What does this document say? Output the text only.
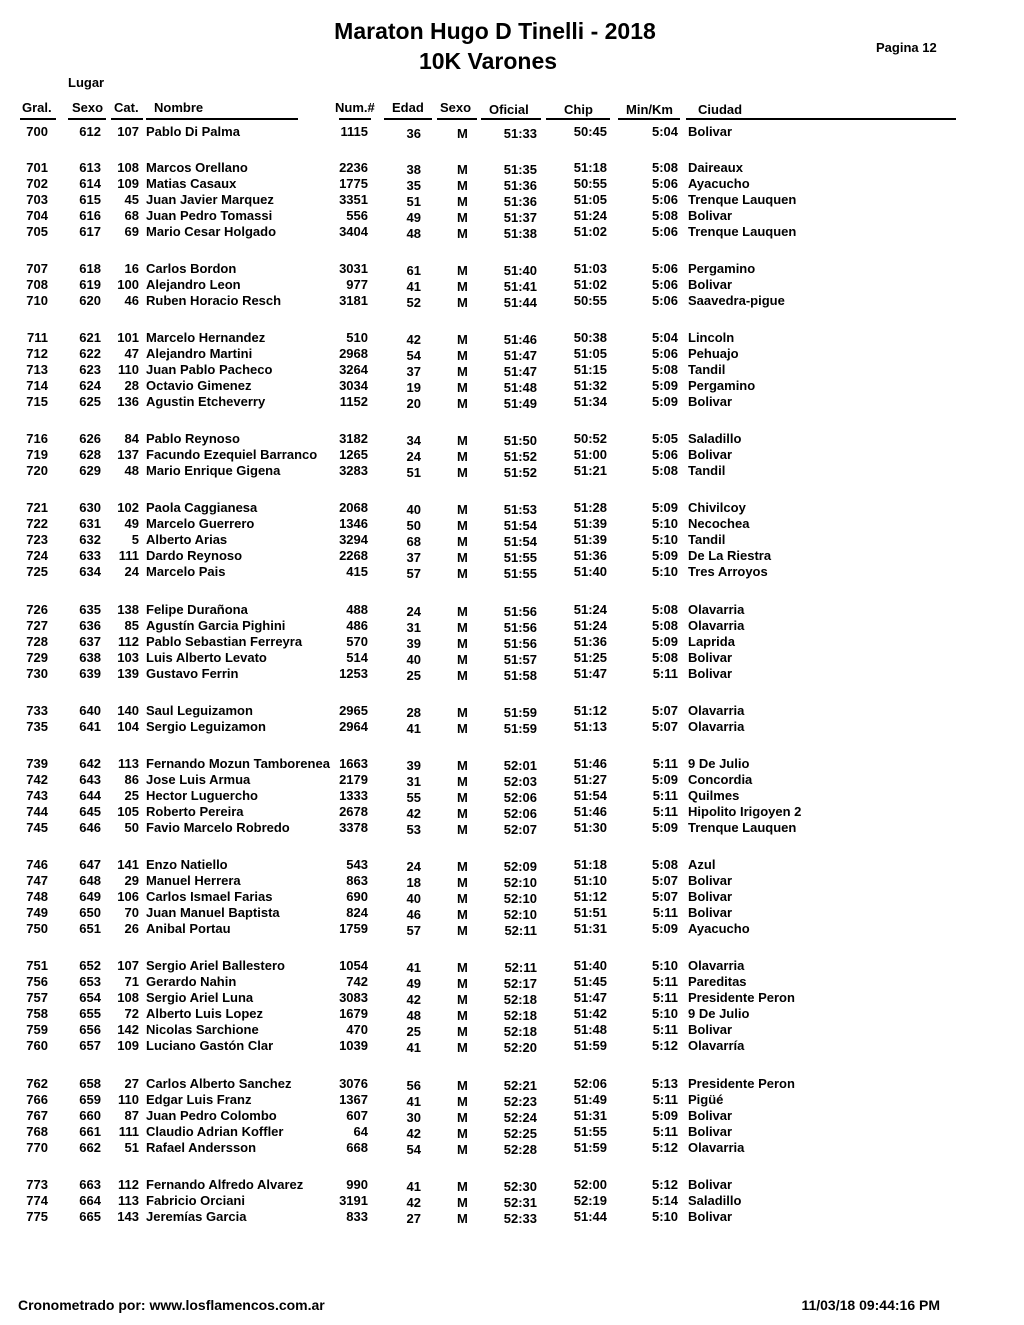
Maraton Hugo D Tinelli - 2018
10K Varones
Pagina 12
Lugar
Gral. Sexo Cat. Nombre	Num.# Edad Sexo Oficial	Chip	Min/Km Ciudad
700 612 107 Pablo Di Palma	1115	36	M	51:33	50:45	5:04 Bolivar
701 613 108 Marcos Orellano	2236	38	M	51:35	51:18	5:08 Daireaux
702 614 109 Matias Casaux	1775	35	M	51:36	50:55	5:06 Ayacucho
703 615 45 Juan Javier Marquez	3351	51	M	51:36	51:05	5:06 Trenque Lauquen
704 616 68 Juan Pedro Tomassi	556	49	M	51:37	51:24	5:08 Bolivar
705 617 69 Mario Cesar Holgado	3404	48	M	51:38	51:02	5:06 Trenque Lauquen
707 618 16 Carlos Bordon	3031	61	M	51:40	51:03	5:06 Pergamino
708 619 100 Alejandro Leon	977	41	M	51:41	51:02	5:06 Bolivar
710 620 46 Ruben Horacio Resch	3181	52	M	51:44	50:55	5:06 Saavedra-pigue
711 621 101 Marcelo Hernandez	510	42	M	51:46	50:38	5:04 Lincoln
712 622 47 Alejandro Martini	2968	54	M	51:47	51:05	5:06 Pehuajo
713 623 110 Juan Pablo Pacheco	3264	37	M	51:47	51:15	5:08 Tandil
714 624 28 Octavio Gimenez	3034	19	M	51:48	51:32	5:09 Pergamino
715 625 136 Agustin Etcheverry	1152	20	M	51:49	51:34	5:09 Bolivar
716 626 84 Pablo Reynoso	3182	34	M	51:50	50:52	5:05 Saladillo
719 628 137 Facundo Ezequiel Barranco 1265	24	M	51:52	51:00	5:06 Bolivar
720 629 48 Mario Enrique Gigena	3283	51	M	51:52	51:21	5:08 Tandil
721 630 102 Paola Caggianesa	2068	40	M	51:53	51:28	5:09 Chivilcoy
722 631 49 Marcelo Guerrero	1346	50	M	51:54	51:39	5:10 Necochea
723 632 5 Alberto Arias	3294	68	M	51:54	51:39	5:10 Tandil
724 633 111 Dardo Reynoso	2268	37	M	51:55	51:36	5:09 De La Riestra
725 634 24 Marcelo Pais	415	57	M	51:55	51:40	5:10 Tres Arroyos
726 635 138 Felipe Durañona	488	24	M	51:56	51:24	5:08 Olavarria
727 636 85 Agustín Garcia Pighini	486	31	M	51:56	51:24	5:08 Olavarria
728 637 112 Pablo Sebastian Ferreyra	570	39	M	51:56	51:36	5:09 Laprida
729 638 103 Luis Alberto Levato	514	40	M	51:57	51:25	5:08 Bolivar
730 639 139 Gustavo Ferrin	1253	25	M	51:58	51:47	5:11 Bolivar
733 640 140 Saul Leguizamon	2965	28	M	51:59	51:12	5:07 Olavarria
735 641 104 Sergio Leguizamon	2964	41	M	51:59	51:13	5:07 Olavarria
739 642 113 Fernando Mozun Tamborenea 1663	39	M	52:01	51:46	5:11 9 De Julio
742 643 86 Jose Luis Armua	2179	31	M	52:03	51:27	5:09 Concordia
743 644 25 Hector Luguercho	1333	55	M	52:06	51:54	5:11 Quilmes
744 645 105 Roberto Pereira	2678	42	M	52:06	51:46	5:11 Hipolito Irigoyen 2
745 646 50 Favio Marcelo Robredo	3378	53	M	52:07	51:30	5:09 Trenque Lauquen
746 647 141 Enzo Natiello	543	24	M	52:09	51:18	5:08 Azul
747 648 29 Manuel Herrera	863	18	M	52:10	51:10	5:07 Bolivar
748 649 106 Carlos Ismael Farias	690	40	M	52:10	51:12	5:07 Bolivar
749 650 70 Juan Manuel Baptista	824	46	M	52:10	51:51	5:11 Bolivar
750 651 26 Anibal Portau	1759	57	M	52:11	51:31	5:09 Ayacucho
751 652 107 Sergio Ariel Ballestero	1054	41	M	52:11	51:40	5:10 Olavarria
756 653 71 Gerardo Nahin	742	49	M	52:17	51:45	5:11 Pareditas
757 654 108 Sergio Ariel Luna	3083	42	M	52:18	51:47	5:11 Presidente Peron
758 655 72 Alberto Luis Lopez	1679	48	M	52:18	51:42	5:10 9 De Julio
759 656 142 Nicolas Sarchione	470	25	M	52:18	51:48	5:11 Bolivar
760 657 109 Luciano Gastón Clar	1039	41	M	52:20	51:59	5:12 Olavarría
762 658 27 Carlos Alberto Sanchez	3076	56	M	52:21	52:06	5:13 Presidente Peron
766 659 110 Edgar Luis Franz	1367	41	M	52:23	51:49	5:11 Pigüé
767 660 87 Juan Pedro Colombo	607	30	M	52:24	51:31	5:09 Bolivar
768 661 111 Claudio Adrian Koffler	64	42	M	52:25	51:55	5:11 Bolivar
770 662 51 Rafael Andersson	668	54	M	52:28	51:59	5:12 Olavarria
773 663 112 Fernando Alfredo Alvarez	990	41	M	52:30	52:00	5:12 Bolivar
774 664 113 Fabricio Orciani	3191	42	M	52:31	52:19	5:14 Saladillo
775 665 143 Jeremías Garcia	833	27	M	52:33	51:44	5:10 Bolivar
Cronometrado por: www.losflamencos.com.ar	11/03/18 09:44:16 PM
